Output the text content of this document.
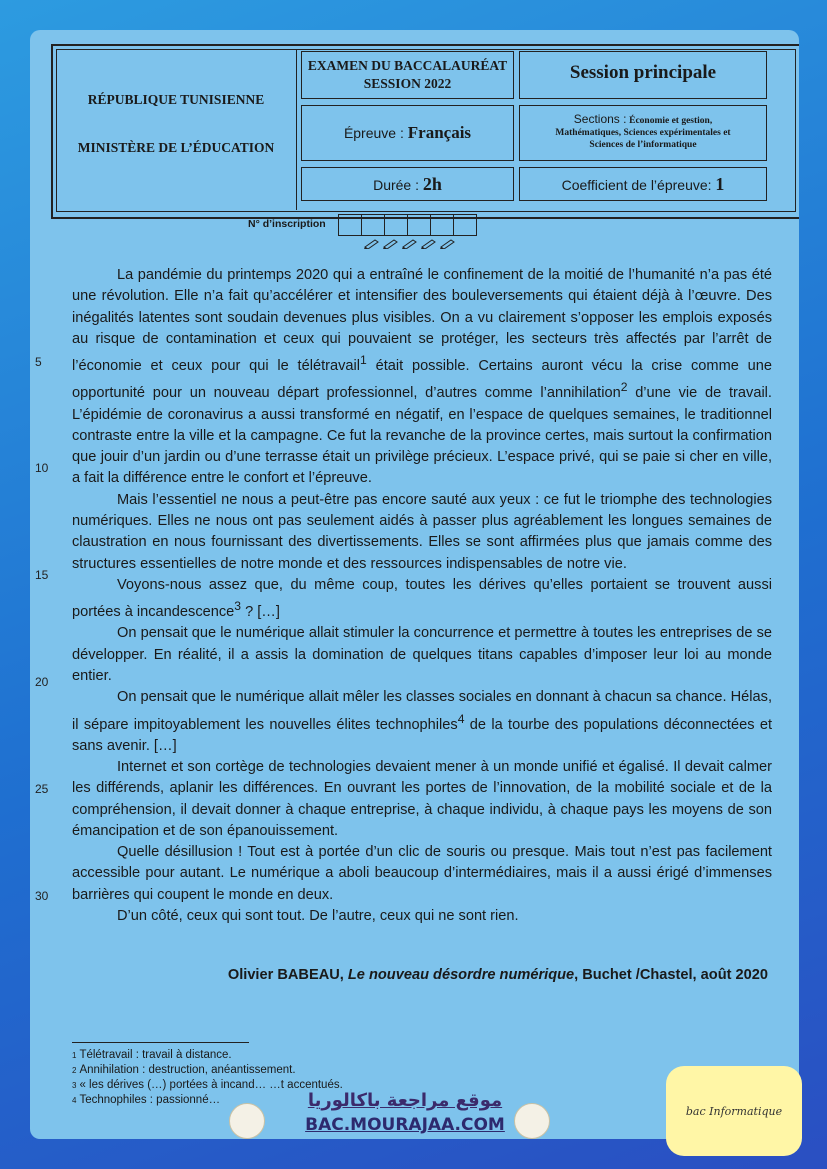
RÉPUBLIQUE TUNISIENNE
MINISTÈRE DE L’ÉDUCATION
EXAMEN DU BACCALAURÉAT
SESSION 2022
Session principale
Épreuve : Français
Sections : Économie et gestion,
Mathématiques, Sciences expérimentales et
Sciences de l’informatique
Durée : 2h	Coefficient de l’épreuve: 1
N° d’inscription
5
10
15
20
25
30

La pandémie du printemps 2020 qui a entraîné le confinement de la moitié de l’humanité n’a pas été une révolution. Elle n’a fait qu’accélérer et intensifier des bouleversements qui étaient déjà à l’œuvre. Des inégalités latentes sont soudain devenues plus visibles. On a vu clairement s’opposer les emplois exposés au risque de contamination et ceux qui pouvaient se protéger, les secteurs très affectés par l’arrêt de l’économie et ceux pour qui le télétravail$^1$ était possible. Certains auront vécu la crise comme une opportunité pour un nouveau départ professionnel, d’autres comme l’annihilation$^2$ d’une vie de travail. L’épidémie de coronavirus a aussi transformé en négatif, en l’espace de quelques semaines, le traditionnel contraste entre la ville et la campagne. Ce fut la revanche de la province certes, mais surtout la confirmation que jouir d’un jardin ou d’une terrasse était un privilège précieux. L’espace privé, qui se paie si cher en ville, a fait la différence entre le confort et l’épreuve.

Mais l’essentiel ne nous a peut-être pas encore sauté aux yeux : ce fut le triomphe des technologies numériques. Elles ne nous ont pas seulement aidés à passer plus agréablement les longues semaines de claustration en nous fournissant des divertissements. Elles se sont affirmées plus que jamais comme des structures essentielles de notre monde et des ressources indispensables de notre vie.

Voyons-nous assez que, du même coup, toutes les dérives qu’elles portaient se trouvent aussi portées à incandescence$^3$ ? […]

On pensait que le numérique allait stimuler la concurrence et permettre à toutes les entreprises de se développer. En réalité, il a assis la domination de quelques titans capables d’imposer leur loi au monde entier.

On pensait que le numérique allait mêler les classes sociales en donnant à chacun sa chance. Hélas, il sépare impitoyablement les nouvelles élites technophiles$^4$ de la tourbe des populations déconnectées et sans avenir. […]

Internet et son cortège de technologies devaient mener à un monde unifié et égalisé. Il devait calmer les différends, aplanir les différences. En ouvrant les portes de l’innovation, de la mobilité sociale et de la compréhension, il devait donner à chaque entreprise, à chaque individu, à chaque pays les moyens de son émancipation et de son épanouissement.

Quelle désillusion ! Tout est à portée d’un clic de souris ou presque. Mais tout n’est pas facilement accessible pour autant. Le numérique a aboli beaucoup d’intermédiaires, mais il a aussi érigé d’immenses barrières qui coupent le monde en deux.

D’un côté, ceux qui sont tout. De l’autre, ceux qui ne sont rien.

Olivier BABEAU, Le nouveau désordre numérique, Buchet /Chastel, août 2020
$^1$ Télétravail : travail à distance.
$^2$ Annihilation : destruction, anéantissement.
$^3$ « les dérives (…) portées à incand… …t accentués.
$^4$ Technophiles : passionné…	موقع مراجعة باكالوريا
BAC.MOURAJAA.COM
bac Informatique
